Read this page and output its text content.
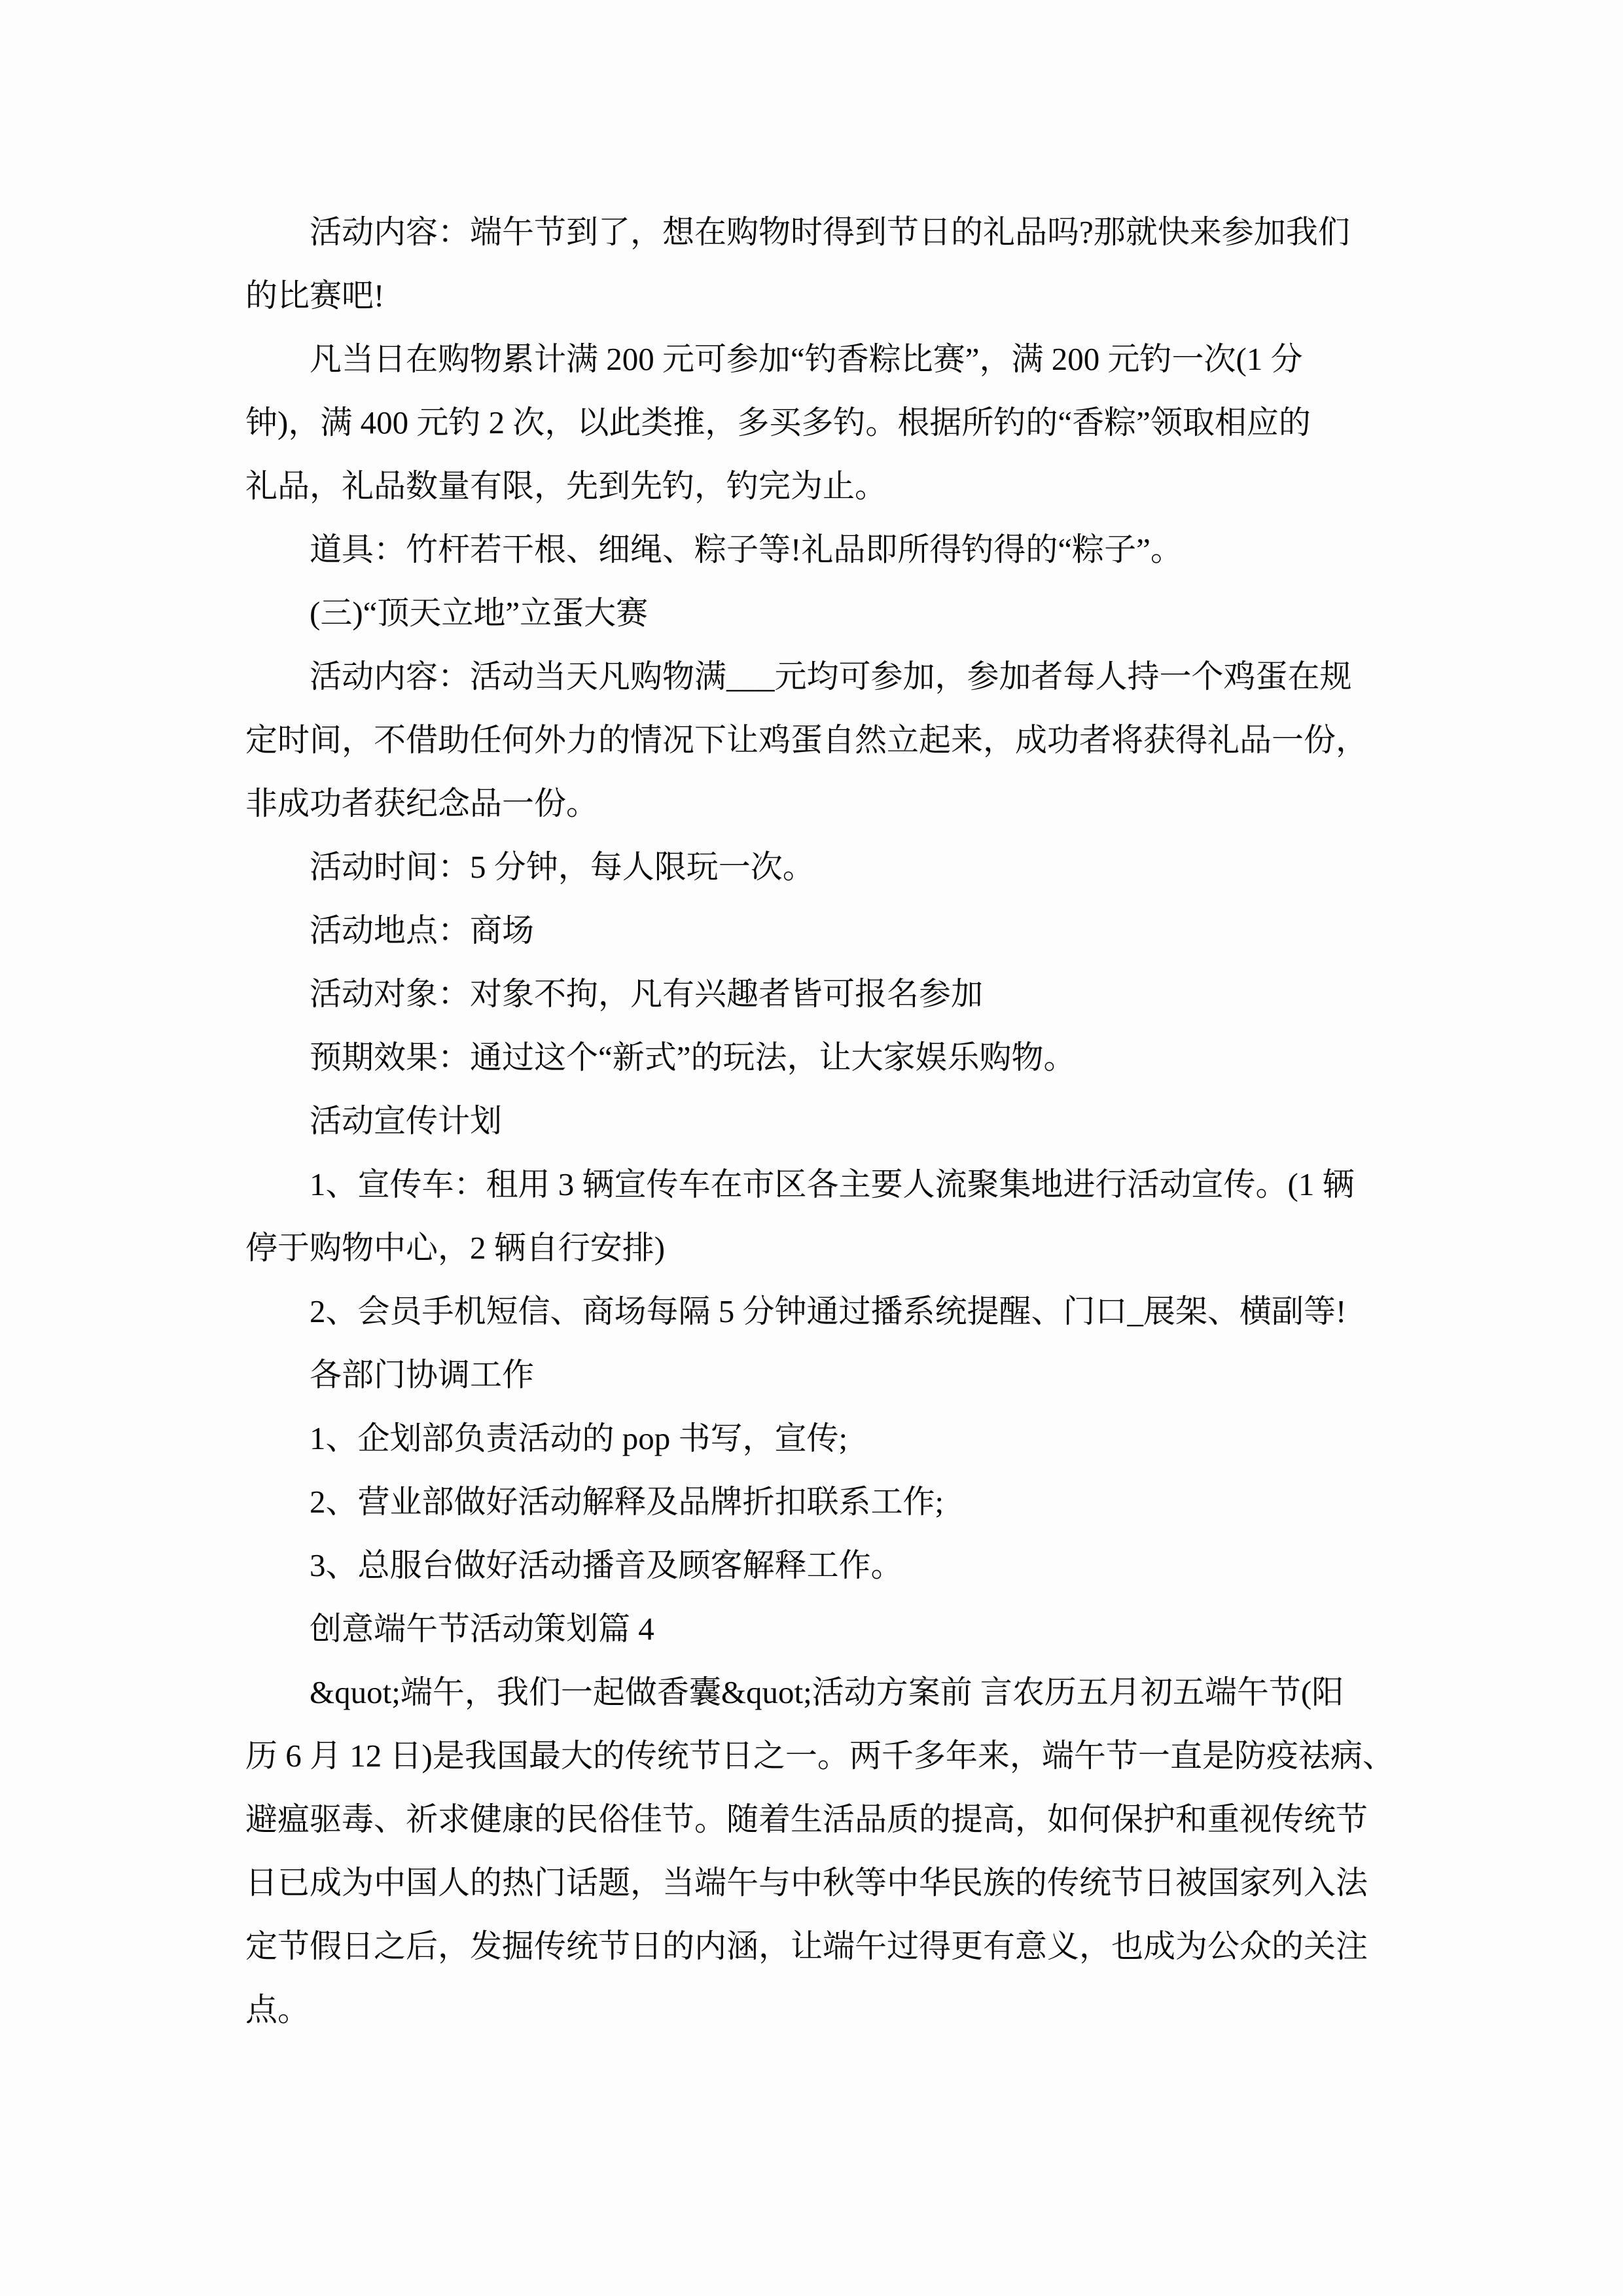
活动内容：端午节到了，想在购物时得到节日的礼品吗?那就快来参加我们
的比赛吧!
凡当日在购物累计满 200 元可参加“钓香粽比赛”，满 200 元钓一次(1 分
钟)，满 400 元钓 2 次，以此类推，多买多钓。根据所钓的“香粽”领取相应的
礼品，礼品数量有限，先到先钓，钓完为止。
道具：竹杆若干根、细绳、粽子等!礼品即所得钓得的“粽子”。
(三)“顶天立地”立蛋大赛
活动内容：活动当天凡购物满___元均可参加，参加者每人持一个鸡蛋在规
定时间，不借助任何外力的情况下让鸡蛋自然立起来，成功者将获得礼品一份，
非成功者获纪念品一份。
活动时间：5 分钟，每人限玩一次。
活动地点：商场
活动对象：对象不拘，凡有兴趣者皆可报名参加
预期效果：通过这个“新式”的玩法，让大家娱乐购物。
活动宣传计划
1、宣传车：租用 3 辆宣传车在市区各主要人流聚集地进行活动宣传。(1 辆
停于购物中心，2 辆自行安排)
2、会员手机短信、商场每隔 5 分钟通过播系统提醒、门口_展架、横副等!
各部门协调工作
1、企划部负责活动的 pop 书写，宣传;
2、营业部做好活动解释及品牌折扣联系工作;
3、总服台做好活动播音及顾客解释工作。
创意端午节活动策划篇 4
&quot;端午，我们一起做香囊&quot;活动方案前 言农历五月初五端午节(阳
历 6 月 12 日)是我国最大的传统节日之一。两千多年来，端午节一直是防疫祛病、
避瘟驱毒、祈求健康的民俗佳节。随着生活品质的提高，如何保护和重视传统节
日已成为中国人的热门话题，当端午与中秋等中华民族的传统节日被国家列入法
定节假日之后，发掘传统节日的内涵，让端午过得更有意义，也成为公众的关注
点。
